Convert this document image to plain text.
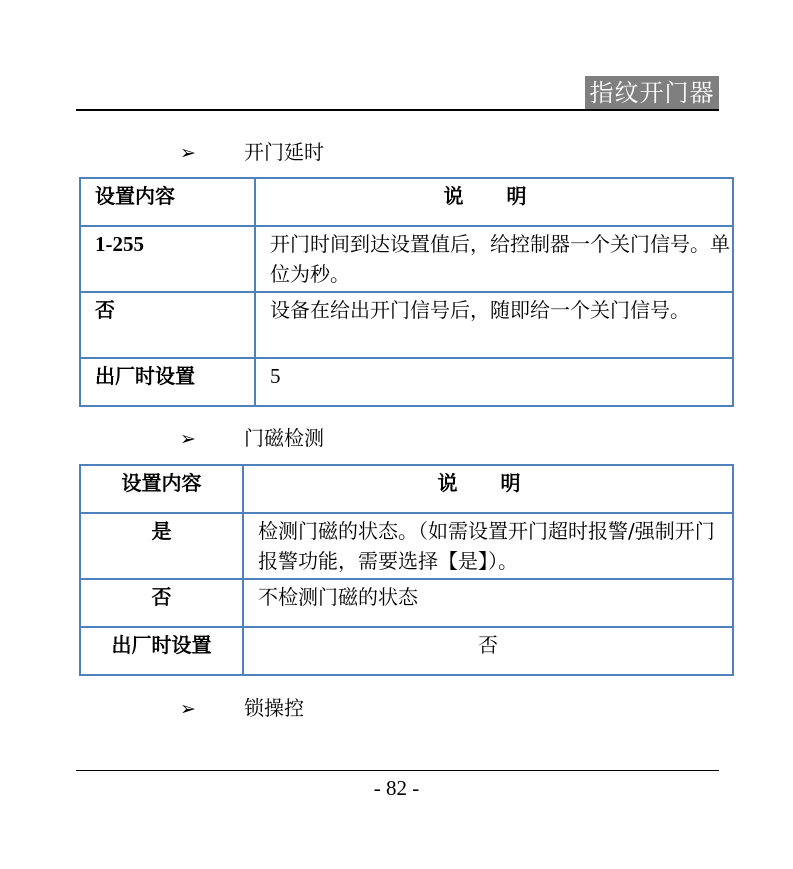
指纹开门器
➢ 开门延时
设置内容	说 明
1-255	开门时间到达设置值后，给控制器一个关门信号。单位为秒。
否	设备在给出开门信号后，随即给一个关门信号。
出厂时设置	5
➢ 门磁检测
设置内容	说 明
是	检测门磁的状态。（如需设置开门超时报警/强制开门报警功能，需要选择【是】）。
否	不检测门磁的状态
出厂时设置	否
➢ 锁操控
- 82 -
